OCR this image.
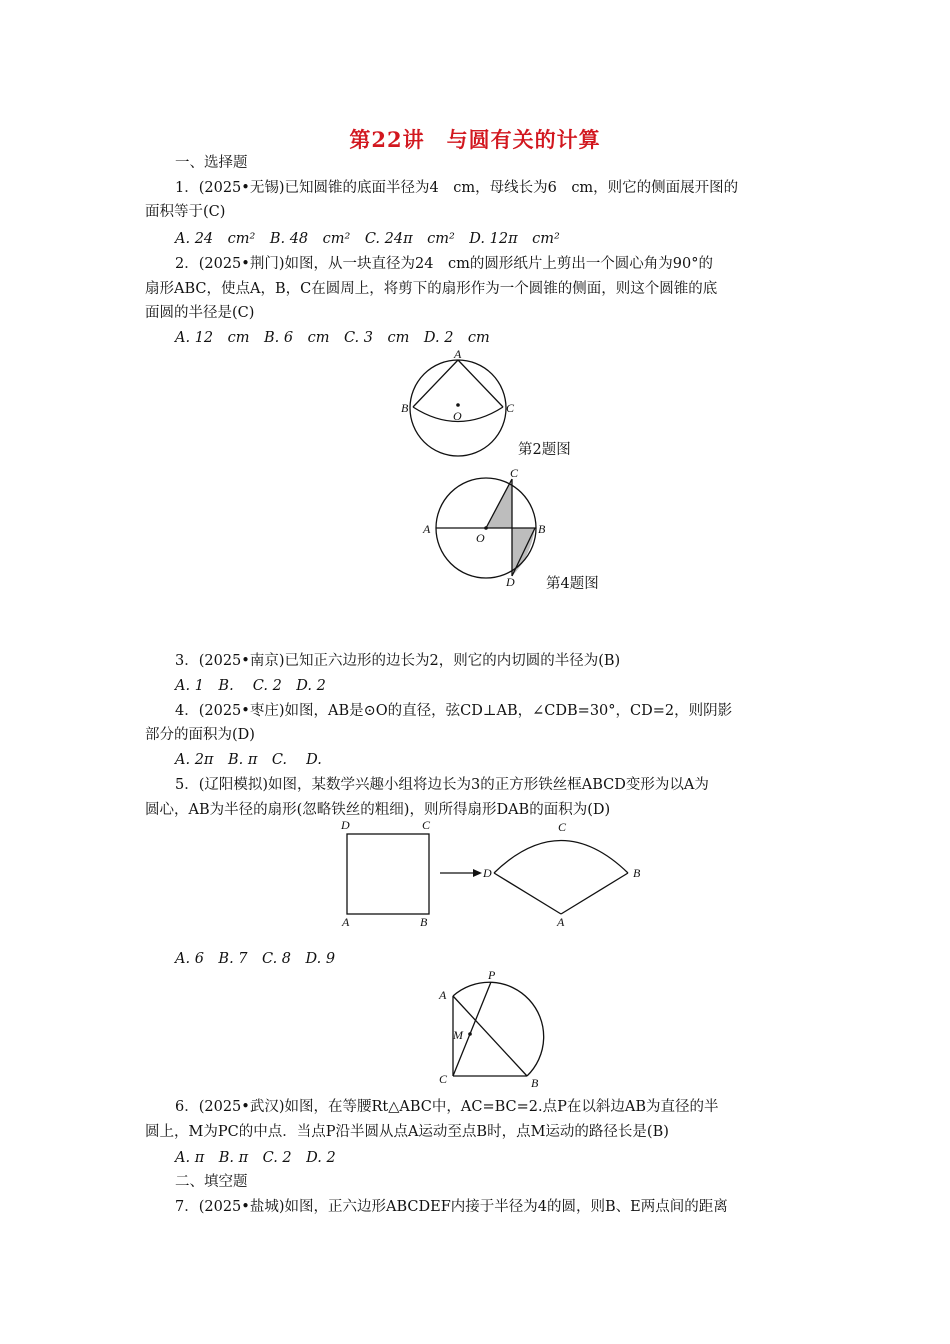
第22讲　与圆有关的计算
一、选择题
1．(2025•无锡)已知圆锥的底面半径为4　cm，母线长为6　cm，则它的侧面展开图的
面积等于(C)
A. 24　cm²　B. 48　cm²　C. 24π　cm²　D. 12π　cm²
2．(2025•荆门)如图，从一块直径为24　cm的圆形纸片上剪出一个圆心角为90°的
扇形ABC，使点A，B，C在圆周上，将剪下的扇形作为一个圆锥的侧面，则这个圆锥的底
面圆的半径是(C)
A. 12　cm　B. 6　cm　C. 3　cm　D. 2　cm
A
B	C
O
第2题图
A	B
C
D
O
第4题图
3．(2025•南京)已知正六边形的边长为2，则它的内切圆的半径为(B)
A. 1　B. 　C. 2　D. 2
4．(2025•枣庄)如图，AB是⊙O的直径，弦CD⊥AB，∠CDB=30°，CD=2，则阴影
部分的面积为(D)
A. 2π　B. π　C. 　D.
5．(辽阳模拟)如图，某数学兴趣小组将边长为3的正方形铁丝框ABCD变形为以A为
圆心，AB为半径的扇形(忽略铁丝的粗细)，则所得扇形DAB的面积为(D)
D	C
A	B
D
C
B
A
A. 6　B. 7　C. 8　D. 9
A
B
C
M
P
6．(2025•武汉)如图，在等腰Rt△ABC中，AC=BC=2.点P在以斜边AB为直径的半
圆上，M为PC的中点．当点P沿半圆从点A运动至点B时，点M运动的路径长是(B)
A. π　B. π　C. 2　D. 2
二、填空题
7．(2025•盐城)如图，正六边形ABCDEF内接于半径为4的圆，则B、E两点间的距离
